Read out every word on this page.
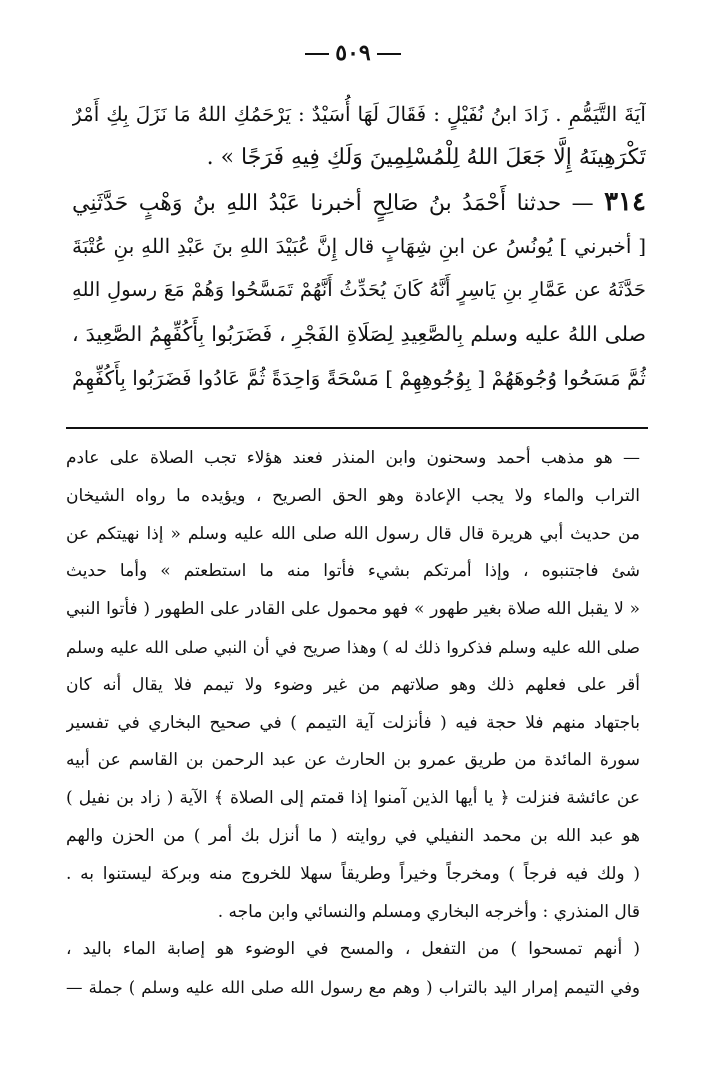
٥٠٩
آيَةَ التَّيَمُّمِ . زَادَ ابنُ نُفَيْلٍ : فَقَالَ لَهَا أُسَيْدٌ : يَرْحَمُكِ اللهُ مَا نَزَلَ بِكِ أَمْرٌ
تَكْرَهِينَهُ إِلَّا جَعَلَ اللهُ لِلْمُسْلِمِينَ وَلَكِ فِيهِ فَرَجًا » .
٣١٤ — حدثنا أَحْمَدُ بنُ صَالِحٍ أخبرنا عَبْدُ اللهِ بنُ وَهْبٍ حَدَّثَنِي
[ أخبرني ] يُونُسُ عن ابنِ شِهَابٍ قال إِنَّ عُبَيْدَ اللهِ بنَ عَبْدِ اللهِ بنِ عُتْبَةَ
حَدَّثَهُ عن عَمَّارِ بنِ يَاسِرٍ أَنَّهُ كَانَ يُحَدِّثُ أَنَّهُمْ تَمَسَّحُوا وَهُمْ مَعَ رسولِ اللهِ
صلى اللهُ عليه وسلم بِالصَّعِيدِ لِصَلَاةِ الفَجْرِ ، فَضَرَبُوا بِأَكُفِّهِمُ الصَّعِيدَ ،
ثُمَّ مَسَحُوا وُجُوهَهُمْ [ بِوُجُوهِهِمْ ] مَسْحَةً وَاحِدَةً ثُمَّ عَادُوا فَضَرَبُوا بِأَكُفِّهِمْ
— هو مذهب أحمد وسحنون وابن المنذر فعند هؤلاء تجب الصلاة على عادم
التراب والماء ولا يجب الإعادة وهو الحق الصريح ، ويؤيده ما رواه الشيخان
من حديث أبي هريرة قال قال رسول الله صلى الله عليه وسلم « إذا نهيتكم عن
شئ فاجتنبوه ، وإذا أمرتكم بشيء فأتوا منه ما استطعتم » وأما حديث
« لا يقبل الله صلاة بغير طهور » فهو محمول على القادر على الطهور ( فأتوا النبي
صلى الله عليه وسلم فذكروا ذلك له ) وهذا صريح في أن النبي صلى الله عليه وسلم
أقر على فعلهم ذلك وهو صلاتهم من غير وضوء ولا تيمم فلا يقال أنه كان
باجتهاد منهم فلا حجة فيه ( فأنزلت آية التيمم ) في صحيح البخاري في تفسير
سورة المائدة من طريق عمرو بن الحارث عن عبد الرحمن بن القاسم عن أبيه
عن عائشة فنزلت ﴿ يا أيها الذين آمنوا إذا قمتم إلى الصلاة ﴾ الآية ( زاد بن نفيل )
هو عبد الله بن محمد النفيلي في روايته ( ما أنزل بك أمر ) من الحزن والهم
( ولك فيه فرجاً ) ومخرجاً وخيراً وطريقاً سهلا للخروج منه وبركة ليستنوا به .
قال المنذري : وأخرجه البخاري ومسلم والنسائي وابن ماجه .
( أنهم تمسحوا ) من التفعل ، والمسح في الوضوء هو إصابة الماء باليد ،
وفي التيمم إمرار اليد بالتراب ( وهم مع رسول الله صلى الله عليه وسلم ) جملة —
